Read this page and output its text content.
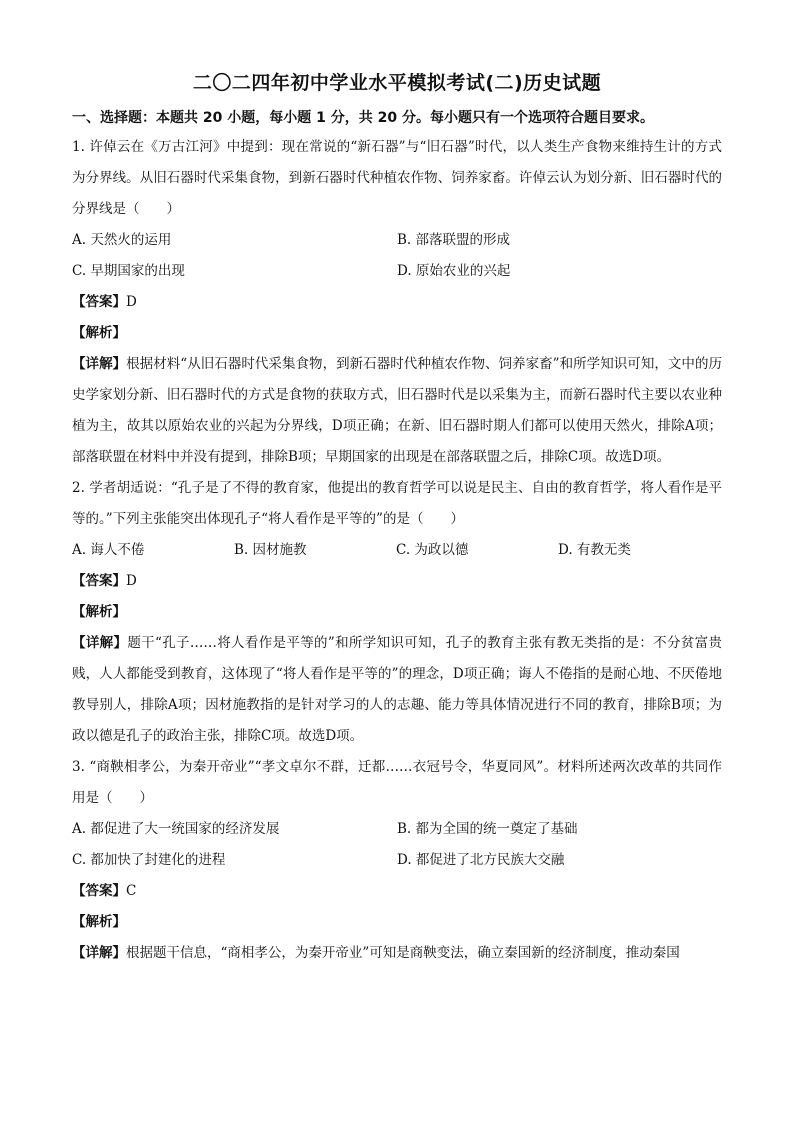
二〇二四年初中学业水平模拟考试(二)历史试题
一、选择题：本题共 20 小题，每小题 1 分，共 20 分。每小题只有一个选项符合题目要求。

1. 许倬云在《万古江河》中提到：现在常说的“新石器”与“旧石器”时代，以人类生产食物来维持生计的方式为分界线。从旧石器时代采集食物，到新石器时代种植农作物、饲养家畜。许倬云认为划分新、旧石器时代的分界线是（　　）

A. 天然火的运用	B. 部落联盟的形成
C. 早期国家的出现	D. 原始农业的兴起

【答案】D

【解析】

【详解】根据材料“从旧石器时代采集食物，到新石器时代种植农作物、饲养家畜”和所学知识可知，文中的历史学家划分新、旧石器时代的方式是食物的获取方式，旧石器时代是以采集为主，而新石器时代主要以农业种植为主，故其以原始农业的兴起为分界线，D项正确；在新、旧石器时期人们都可以使用天然火，排除A项；部落联盟在材料中并没有提到，排除B项；早期国家的出现是在部落联盟之后，排除C项。故选D项。

2. 学者胡适说：“孔子是了不得的教育家，他提出的教育哲学可以说是民主、自由的教育哲学，将人看作是平等的。”下列主张能突出体现孔子“将人看作是平等的”的是（　　）

A. 诲人不倦	B. 因材施教	C. 为政以德	D. 有教无类

【答案】D

【解析】

【详解】题干“孔子……将人看作是平等的”和所学知识可知，孔子的教育主张有教无类指的是：不分贫富贵贱，人人都能受到教育，这体现了“将人看作是平等的”的理念，D项正确；诲人不倦指的是耐心地、不厌倦地教导别人，排除A项；因材施教指的是针对学习的人的志趣、能力等具体情况进行不同的教育，排除B项；为政以德是孔子的政治主张，排除C项。故选D项。

3. “商鞅相孝公，为秦开帝业”“孝文卓尔不群，迁都……衣冠号令，华夏同风”。材料所述两次改革的共同作用是（　　）

A. 都促进了大一统国家的经济发展	B. 都为全国的统一奠定了基础
C. 都加快了封建化的进程	D. 都促进了北方民族大交融

【答案】C

【解析】

【详解】根据题干信息，“商相孝公，为秦开帝业”可知是商鞅变法，确立秦国新的经济制度，推动秦国
